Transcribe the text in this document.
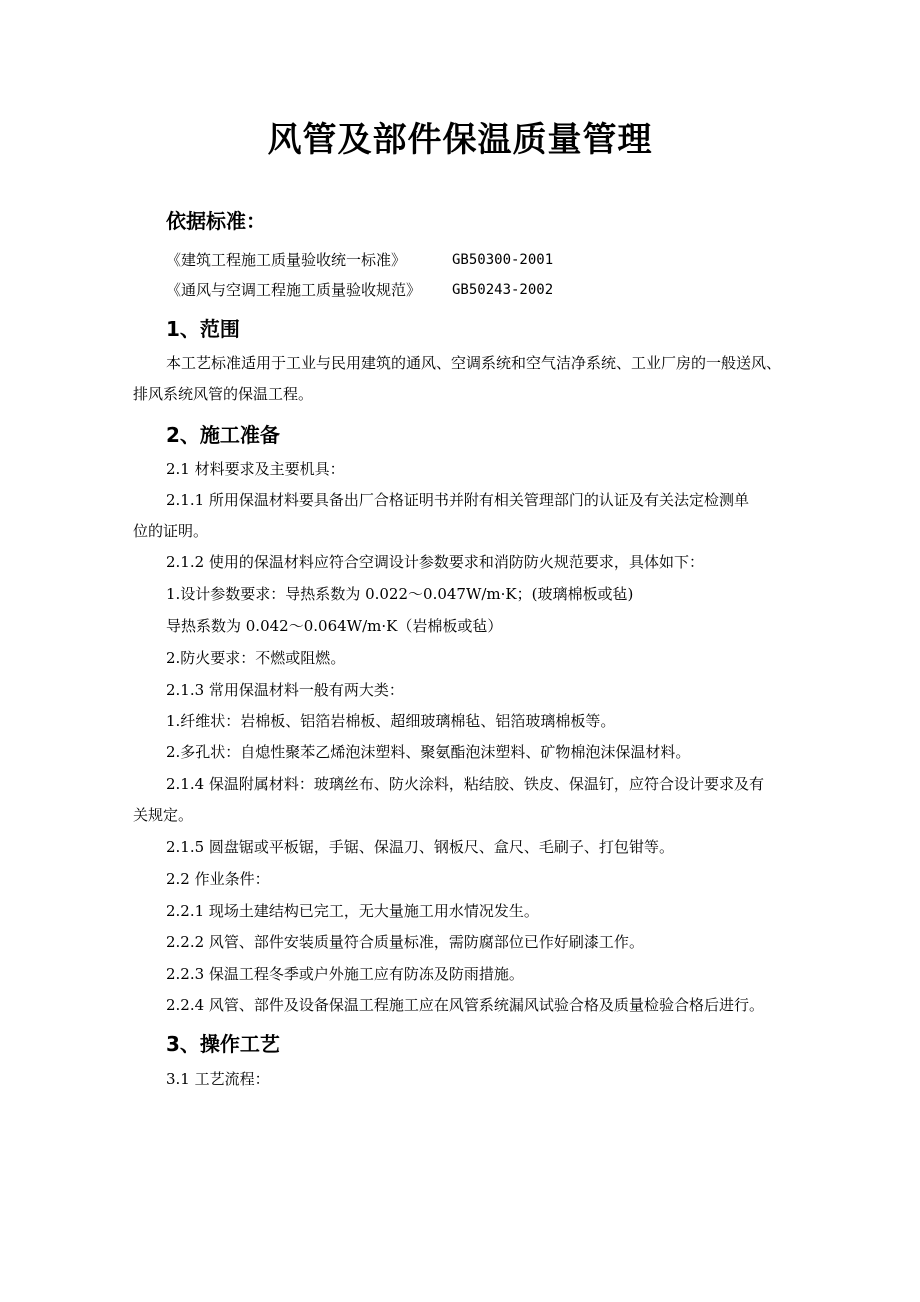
风管及部件保温质量管理
依据标准：
《建筑工程施工质量验收统一标准》	GB50300-2001
《通风与空调工程施工质量验收规范》 GB50243-2002
1、范围
本工艺标准适用于工业与民用建筑的通风、空调系统和空气洁净系统、工业厂房的一般送风、
排风系统风管的保温工程。
2、施工准备
2.1 材料要求及主要机具：
2.1.1 所用保温材料要具备出厂合格证明书并附有相关管理部门的认证及有关法定检测单
位的证明。
2.1.2 使用的保温材料应符合空调设计参数要求和消防防火规范要求，具体如下：
1.设计参数要求：导热系数为 0.022～0.047W/m·K；(玻璃棉板或毡)
导热系数为 0.042～0.064W/m·K（岩棉板或毡）
2.防火要求：不燃或阻燃。
2.1.3 常用保温材料一般有两大类：
1.纤维状：岩棉板、铝箔岩棉板、超细玻璃棉毡、铝箔玻璃棉板等。
2.多孔状：自熄性聚苯乙烯泡沫塑料、聚氨酯泡沫塑料、矿物棉泡沫保温材料。
2.1.4 保温附属材料：玻璃丝布、防火涂料，粘结胶、铁皮、保温钉，应符合设计要求及有
关规定。
2.1.5 圆盘锯或平板锯，手锯、保温刀、钢板尺、盒尺、毛刷子、打包钳等。
2.2 作业条件：
2.2.1 现场土建结构已完工，无大量施工用水情况发生。
2.2.2 风管、部件安装质量符合质量标准，需防腐部位已作好刷漆工作。
2.2.3 保温工程冬季或户外施工应有防冻及防雨措施。
2.2.4 风管、部件及设备保温工程施工应在风管系统漏风试验合格及质量检验合格后进行。
3、操作工艺
3.1 工艺流程：
